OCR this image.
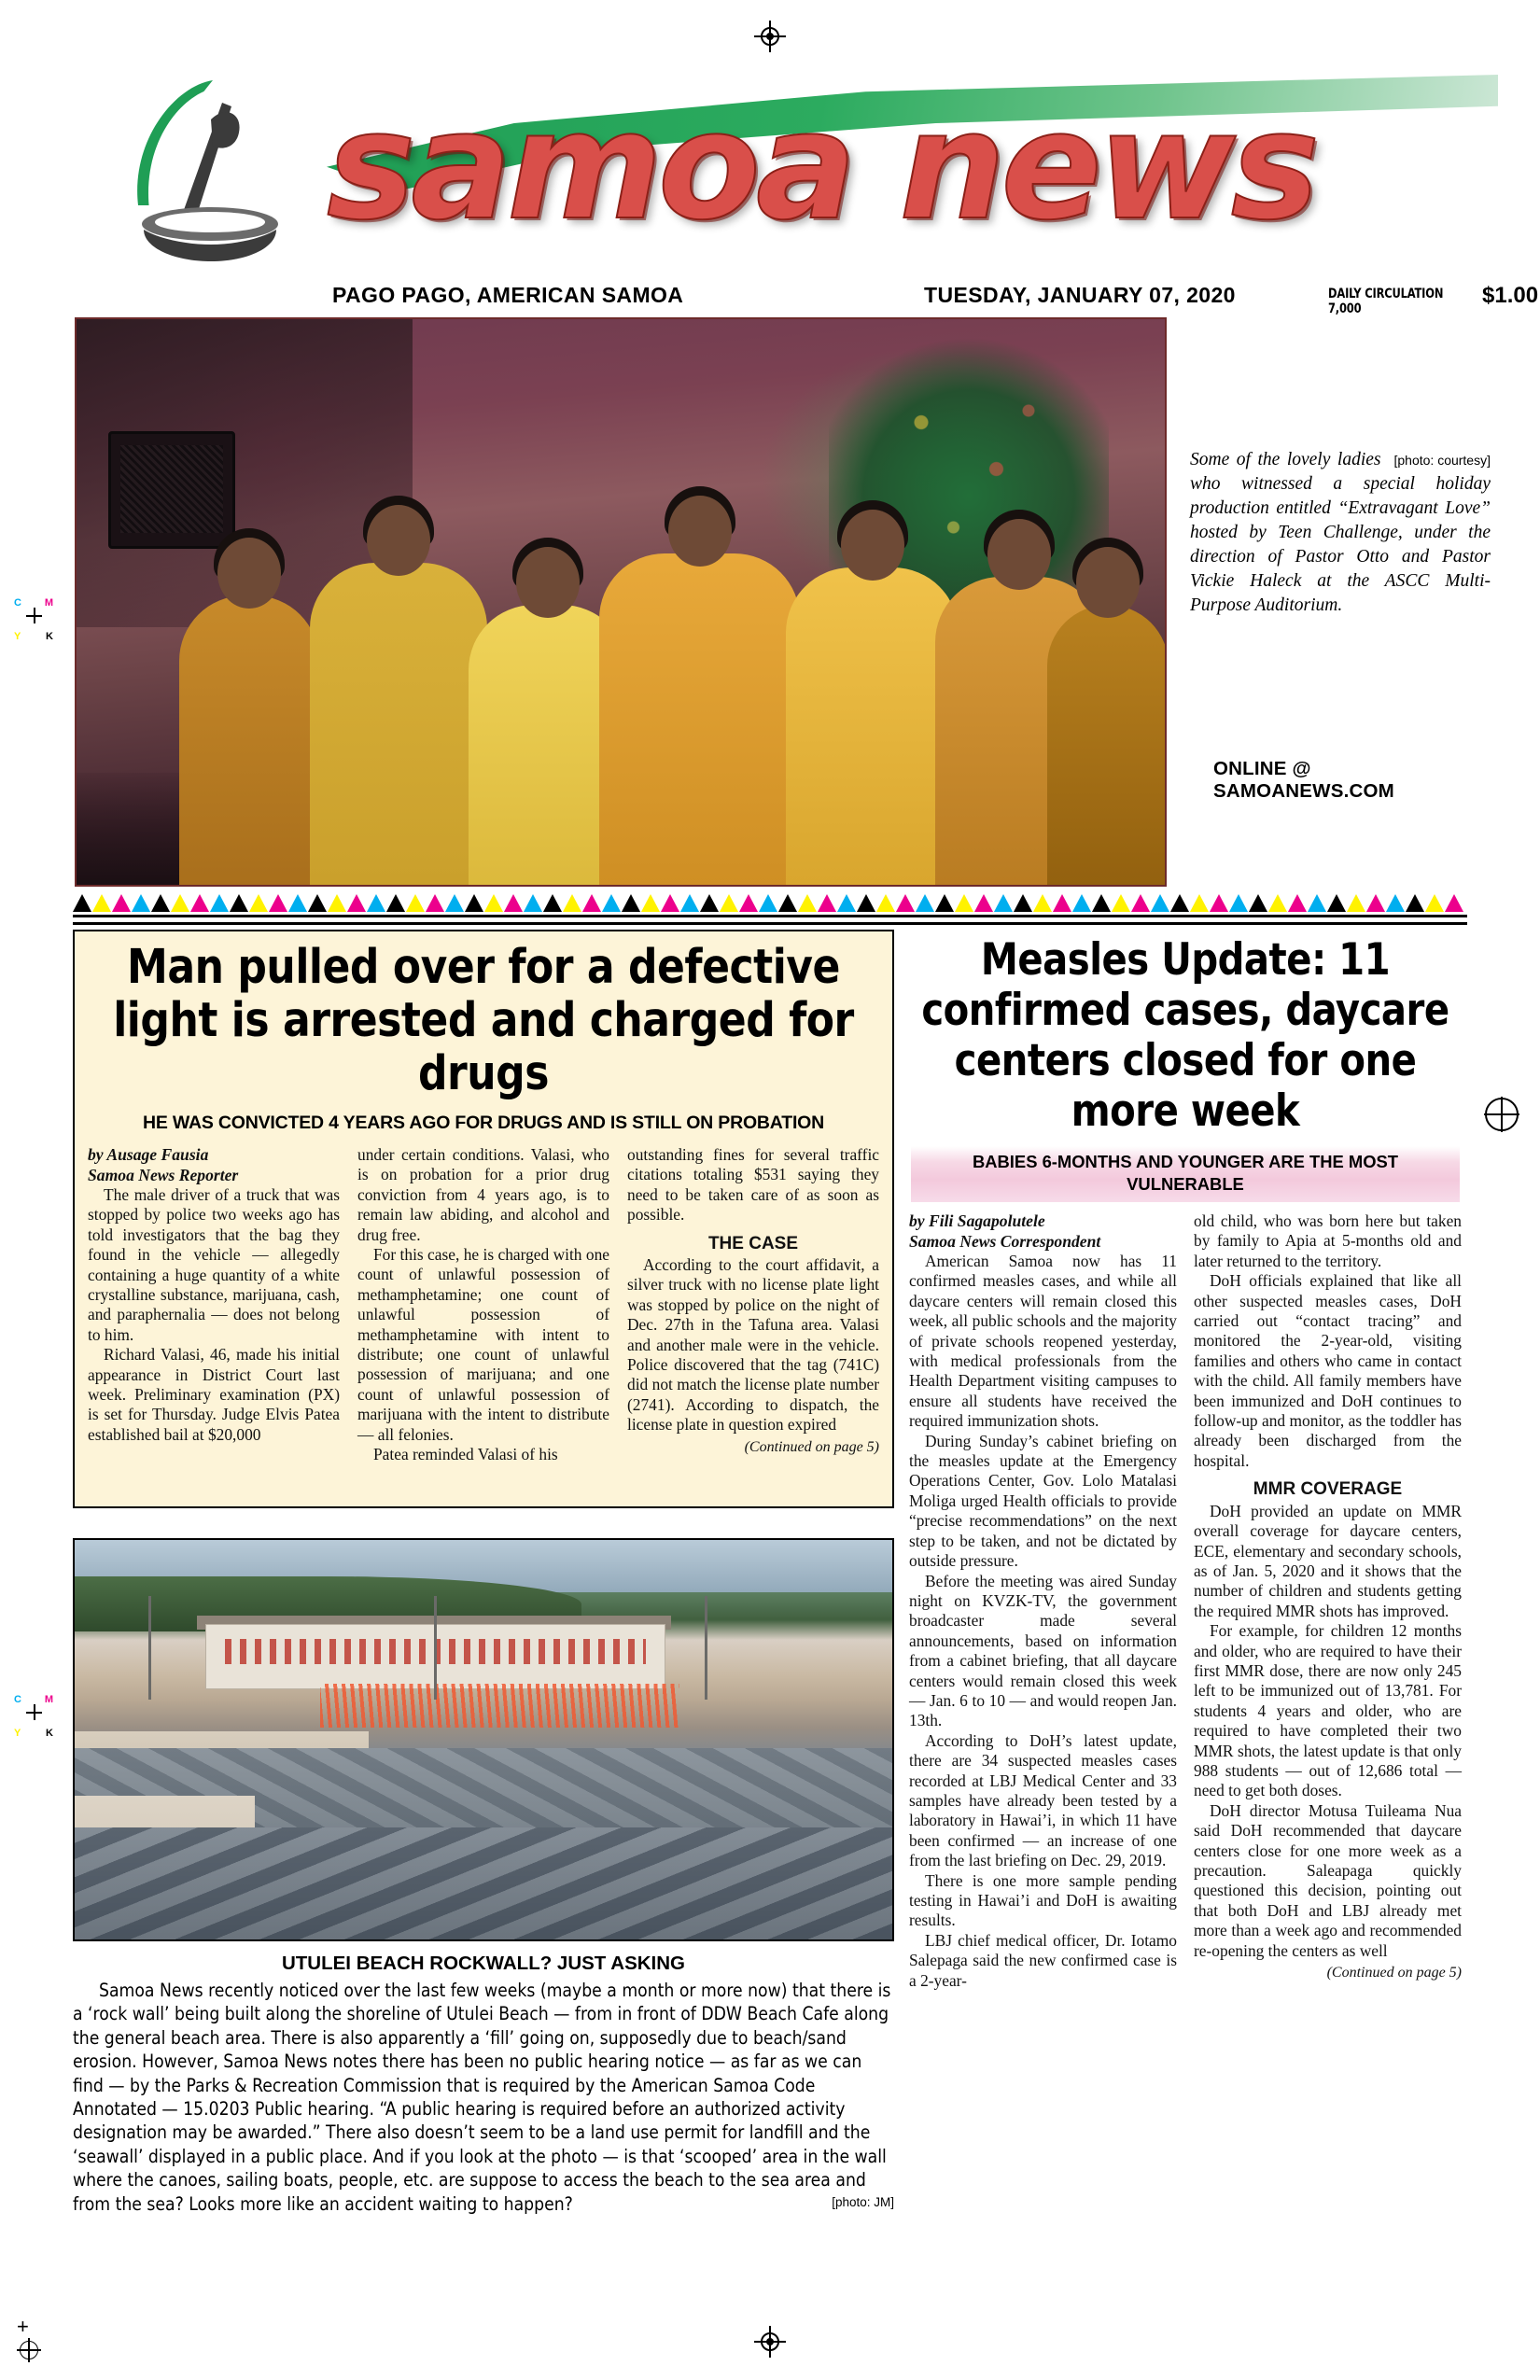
C M
Y K
C M
Y K
+
samoa news
PAGO PAGO, AMERICAN SAMOA	TUESDAY, JANUARY 07, 2020	DAILY CIRCULATION 7,000
$1.00
[photo: courtesy]
Some of the lovely ladies who witnessed a special holiday production entitled “Extravagant Love” hosted by Teen Challenge, under the direction of Pastor Otto and Pastor Vickie Haleck at the ASCC Multi-Purpose Auditorium.
ONLINE @ SAMOANEWS.COM
Man pulled over for a defective light is arrested and charged for drugs
HE WAS CONVICTED 4 YEARS AGO FOR DRUGS AND IS STILL ON PROBATION
by Ausage Fausia
Samoa News Reporter

The male driver of a truck that was stopped by police two weeks ago has told investigators that the bag they found in the vehicle — allegedly containing a huge quantity of a white crystalline substance, marijuana, cash, and paraphernalia — does not belong to him.

Richard Valasi, 46, made his initial appearance in District Court last week. Preliminary examination (PX) is set for Thursday. Judge Elvis Patea established bail at $20,000

under certain conditions. Valasi, who is on probation for a prior drug conviction from 4 years ago, is to remain law abiding, and alcohol and drug free.

For this case, he is charged with one count of unlawful possession of methamphetamine; one count of unlawful possession of methamphetamine with intent to distribute; one count of unlawful possession of marijuana; and one count of unlawful possession of marijuana with the intent to distribute — all felonies.

Patea reminded Valasi of his

outstanding fines for several traffic citations totaling $531 saying they need to be taken care of as soon as possible.

THE CASE

According to the court affidavit, a silver truck with no license plate light was stopped by police on the night of Dec. 27th in the Tafuna area. Valasi and another male were in the vehicle. Police discovered that the tag (741C) did not match the license plate number (2741). According to dispatch, the license plate in question expired

(Continued on page 5)
Measles Update: 11 confirmed cases, daycare centers closed for one more week
BABIES 6-MONTHS AND YOUNGER ARE THE MOST VULNERABLE
by Fili Sagapolutele
Samoa News Correspondent

American Samoa now has 11 confirmed measles cases, and while all daycare centers will remain closed this week, all public schools and the majority of private schools reopened yesterday, with medical professionals from the Health Department visiting campuses to ensure all students have received the required immunization shots.

During Sunday’s cabinet briefing on the measles update at the Emergency Operations Center, Gov. Lolo Matalasi Moliga urged Health officials to provide “precise recommendations” on the next step to be taken, and not be dictated by outside pressure.

Before the meeting was aired Sunday night on KVZK-TV, the government broadcaster made several announcements, based on information from a cabinet briefing, that all daycare centers would remain closed this week — Jan. 6 to 10 — and would reopen Jan. 13th.

According to DoH’s latest update, there are 34 suspected measles cases recorded at LBJ Medical Center and 33 samples have already been tested by a laboratory in Hawai’i, in which 11 have been confirmed — an increase of one from the last briefing on Dec. 29, 2019.

There is one more sample pending testing in Hawai’i and DoH is awaiting results.

LBJ chief medical officer, Dr. Iotamo Salepaga said the new confirmed case is a 2-year-

old child, who was born here but taken by family to Apia at 5-months old and later returned to the territory.

DoH officials explained that like all other suspected measles cases, DoH carried out “contact tracing” and monitored the 2-year-old, visiting families and others who came in contact with the child. All family members have been immunized and DoH continues to follow-up and monitor, as the toddler has already been discharged from the hospital.

MMR COVERAGE

DoH provided an update on MMR overall coverage for daycare centers, ECE, elementary and secondary schools, as of Jan. 5, 2020 and it shows that the number of children and students getting the required MMR shots has improved.

For example, for children 12 months and older, who are required to have their first MMR dose, there are now only 245 left to be immunized out of 13,781. For students 4 years and older, who are required to have completed their two MMR shots, the latest update is that only 988 students — out of 12,686 total — need to get both doses.

DoH director Motusa Tuileama Nua said DoH recommended that daycare centers close for one more week as a precaution. Saleapaga quickly questioned this decision, pointing out that both DoH and LBJ already met more than a week ago and recommended re-opening the centers as well

(Continued on page 5)
UTULEI BEACH ROCKWALL? JUST ASKING
Samoa News recently noticed over the last few weeks (maybe a month or more now) that there is a ‘rock wall’ being built along the shoreline of Utulei Beach — from in front of DDW Beach Cafe along the general beach area. There is also apparently a ‘fill’ going on, supposedly due to beach/sand erosion. However, Samoa News notes there has been no public hearing notice — as far as we can find — by the Parks & Recreation Commission that is required by the American Samoa Code Annotated — 15.0203 Public hearing. “A public hearing is required before an authorized activity designation may be awarded.” There also doesn’t seem to be a land use permit for landfill and the ‘seawall’ displayed in a public place. And if you look at the photo — is that ‘scooped’ area in the wall where the canoes, sailing boats, people, etc. are suppose to access the beach to the sea area and from the sea? Looks more like an accident waiting to happen?	[photo: JM]
